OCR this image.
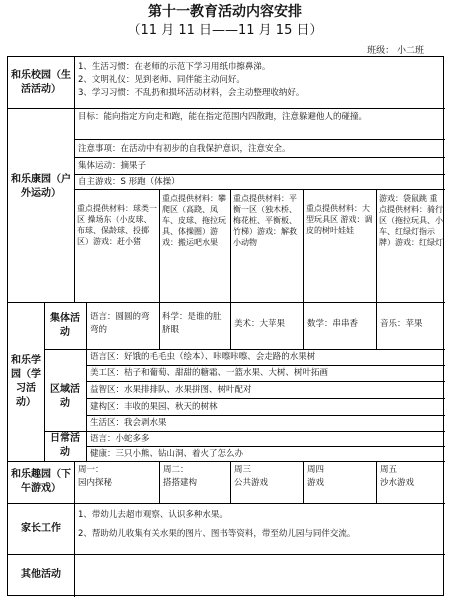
第十一教育活动内容安排
（11 月 11 日——11 月 15 日）
班级： 小二班
和乐校园（生活活动）
1、生活习惯：在老师的示范下学习用纸巾擦鼻涕。
2、文明礼仪：见到老师、同伴能主动问好。
3、学习习惯：不乱扔和损坏活动材料，会主动整理收纳好。
和乐康园（户外运动）
目标：能向指定方向走和跑，能在指定范围内四散跑，注意躲避他人的碰撞。
注意事项：在活动中有初步的自我保护意识，注意安全。
集体运动：摘果子
自主游戏：S 形跑（体操）
重点提供材料：球类一区 操场东（小皮球、布球、保龄球、投掷区）游戏：赶小猪
重点提供材料：攀爬区（高跷、凤车、皮球、拖拉玩具、体操圈）游戏：搬运吧水果
重点提供材料：平衡一区（独木桥、梅花桩、平衡板、竹梯）游戏：解救小动物
重点提供材料：大型玩具区 游戏：调皮的树叶娃娃
游戏：袋鼠跳 重点提供材料：骑行区（拖拉玩具、小车、红绿灯指示牌）游戏：红绿灯
和乐学园（学习活动）
集体活动
区域活动
日常活动
语言：圆圆的弯弯的
科学：是谁的肚脐眼
美术：大苹果	数学：串串香	音乐：苹果
语言区：好饿的毛毛虫（绘本）、咔嚓咔嚓、会走路的水果树
美工区：桔子和葡萄、甜甜的糖霜、一篮水果、大树、树叶拓画
益智区：水果排排队、水果拼图、树叶配对
建构区：丰收的果园、秋天的树林
生活区：我会剥水果
语言：小蛇多多
健康：三只小熊、钻山洞、着火了怎么办
和乐趣园（下午游戏）
周一：
园内探秘
周二：
搭搭建构
周三
公共游戏
周四
游戏
周五
沙水游戏
家长工作
1、带幼儿去超市观察、认识多种水果。
2、帮助幼儿收集有关水果的图片、图书等资料，带至幼儿园与同伴交流。
其他活动
